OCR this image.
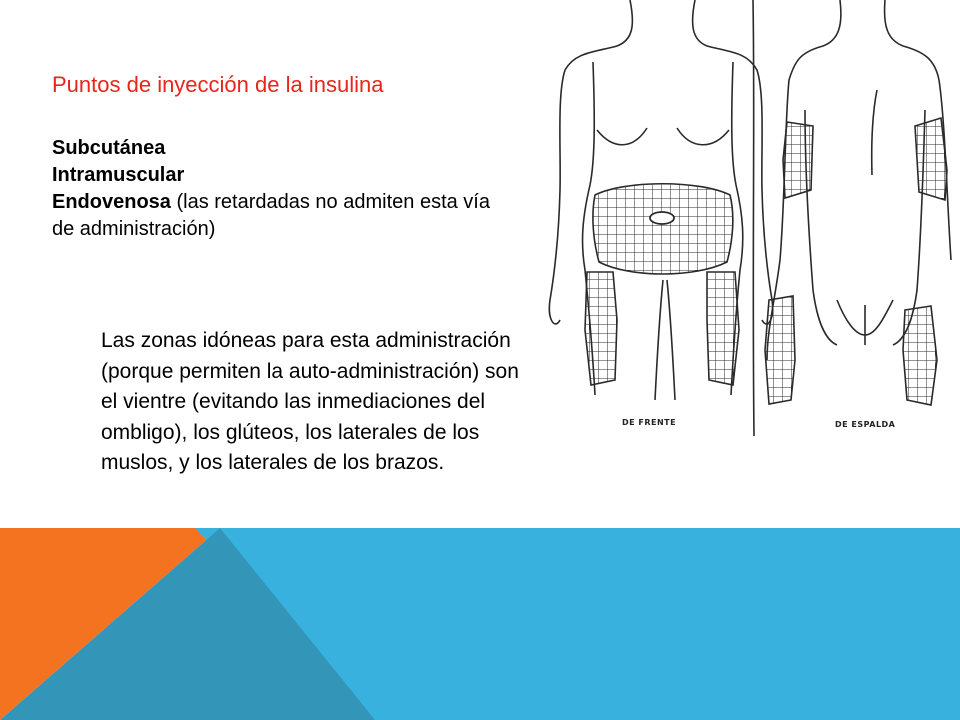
Puntos de inyección de la insulina
Subcutánea
Intramuscular
Endovenosa (las retardadas no admiten esta vía de administración)

Las zonas idóneas para esta administración (porque permiten la auto-administración) son el vientre (evitando las inmediaciones del ombligo), los glúteos, los laterales de los muslos, y los laterales de los brazos.

DE FRENTE	DE ESPALDA
